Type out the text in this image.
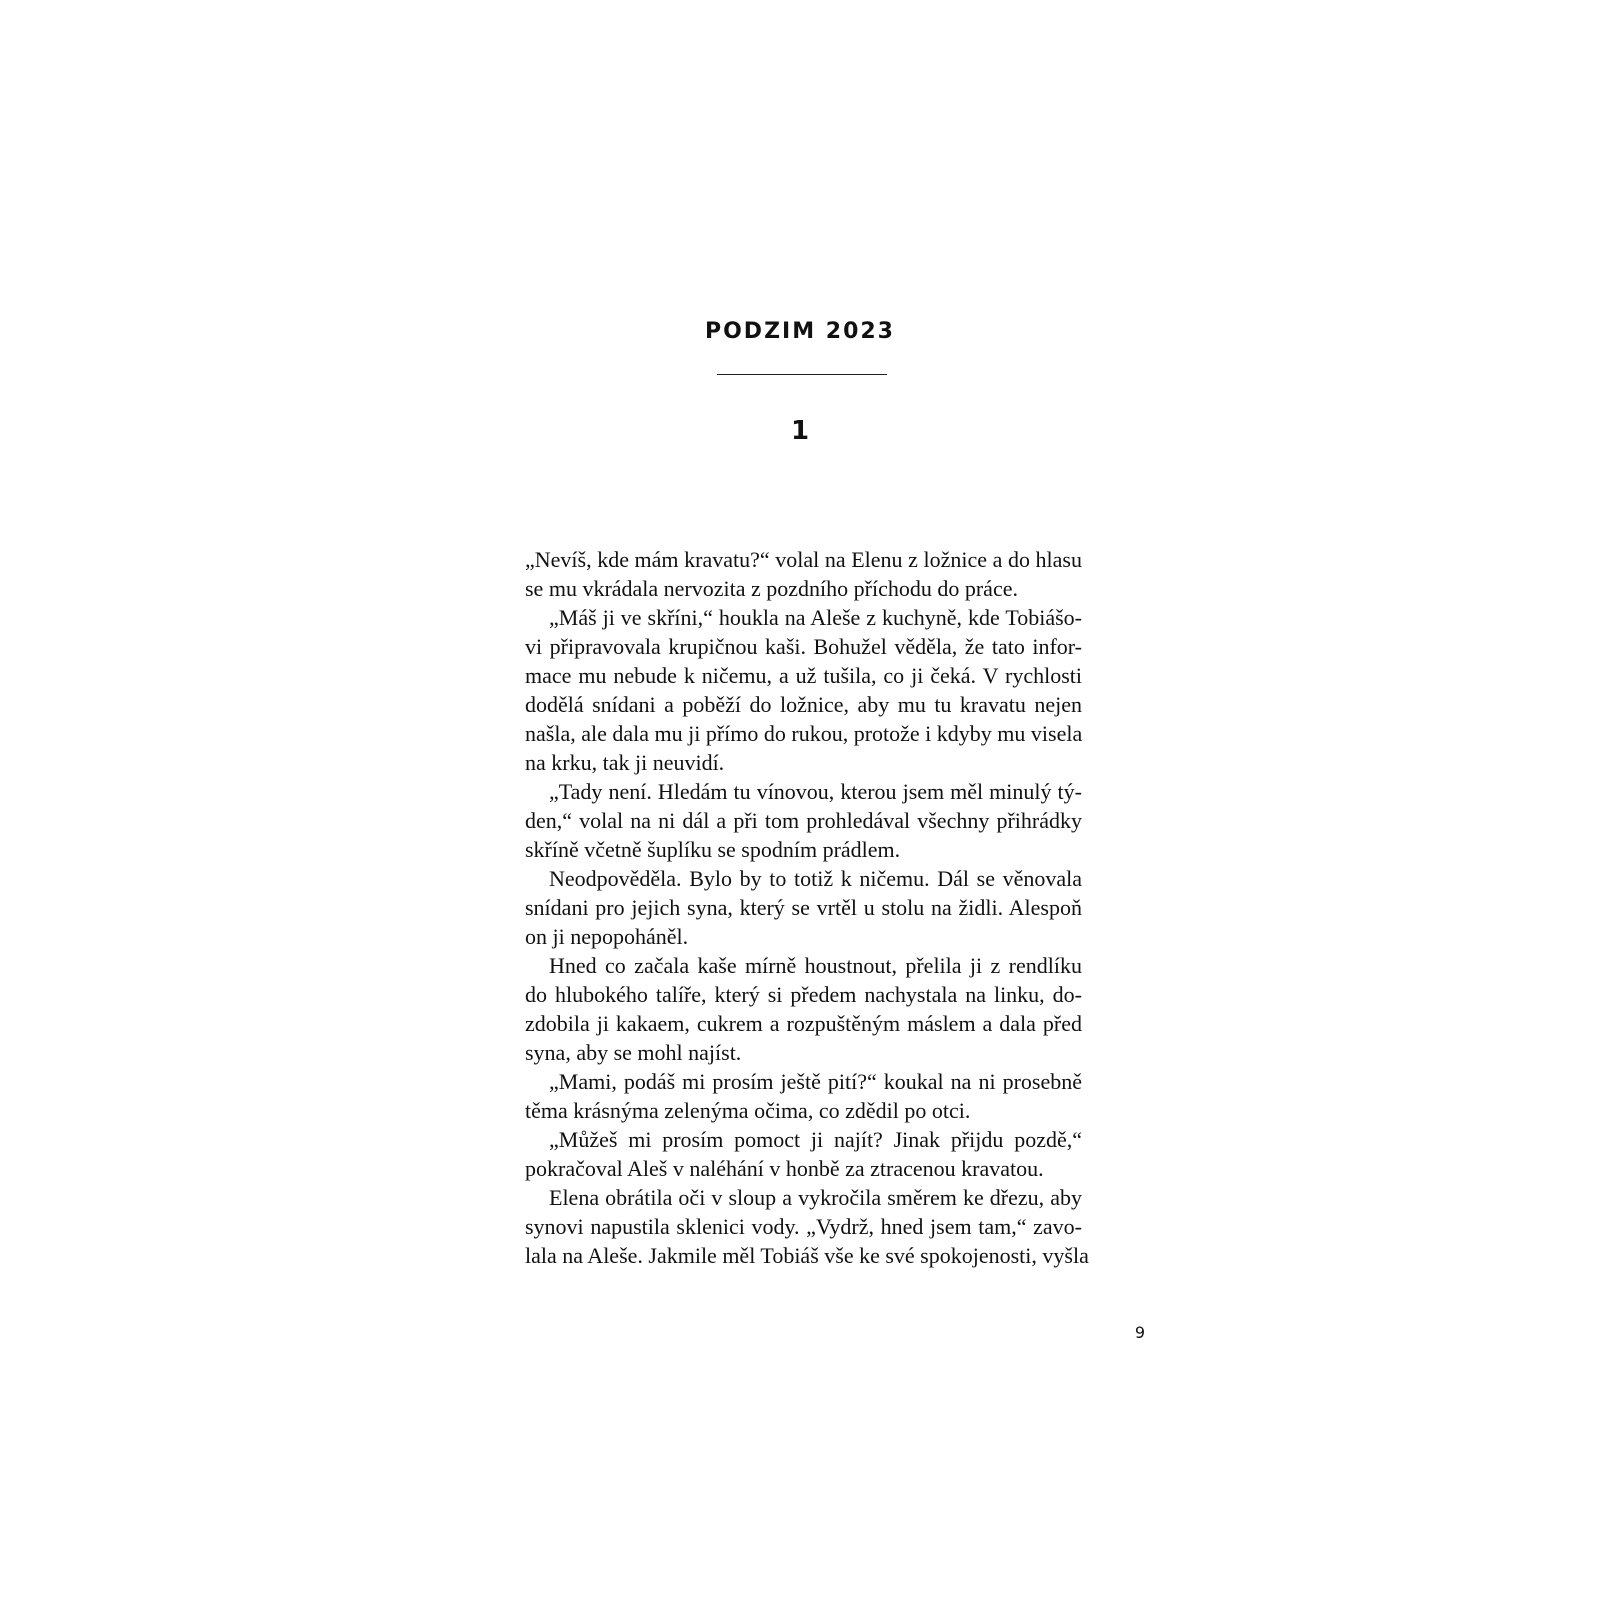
PODZIM 2023
1
„Nevíš, kde mám kravatu?“ volal na Elenu z ložnice a do hlasu
se mu vkrádala nervozita z pozdního příchodu do práce.
„Máš ji ve skříni,“ houkla na Aleše z kuchyně, kde Tobiášo-
vi připravovala krupičnou kaši. Bohužel věděla, že tato infor-
mace mu nebude k ničemu, a už tušila, co ji čeká. V rychlosti
dodělá snídani a poběží do ložnice, aby mu tu kravatu nejen
našla, ale dala mu ji přímo do rukou, protože i kdyby mu visela
na krku, tak ji neuvidí.
„Tady není. Hledám tu vínovou, kterou jsem měl minulý tý-
den,“ volal na ni dál a při tom prohledával všechny přihrádky
skříně včetně šuplíku se spodním prádlem.
Neodpověděla. Bylo by to totiž k ničemu. Dál se věnovala
snídani pro jejich syna, který se vrtěl u stolu na židli. Alespoň
on ji nepopoháněl.
Hned co začala kaše mírně houstnout, přelila ji z rendlíku
do hlubokého talíře, který si předem nachystala na linku, do-
zdobila ji kakaem, cukrem a rozpuštěným máslem a dala před
syna, aby se mohl najíst.
„Mami, podáš mi prosím ještě pití?“ koukal na ni prosebně
těma krásnýma zelenýma očima, co zdědil po otci.
„Můžeš mi prosím pomoct ji najít? Jinak přijdu pozdě,“
pokračoval Aleš v naléhání v honbě za ztracenou kravatou.
Elena obrátila oči v sloup a vykročila směrem ke dřezu, aby
synovi napustila sklenici vody. „Vydrž, hned jsem tam,“ zavo-
lala na Aleše. Jakmile měl Tobiáš vše ke své spokojenosti, vyšla
9
